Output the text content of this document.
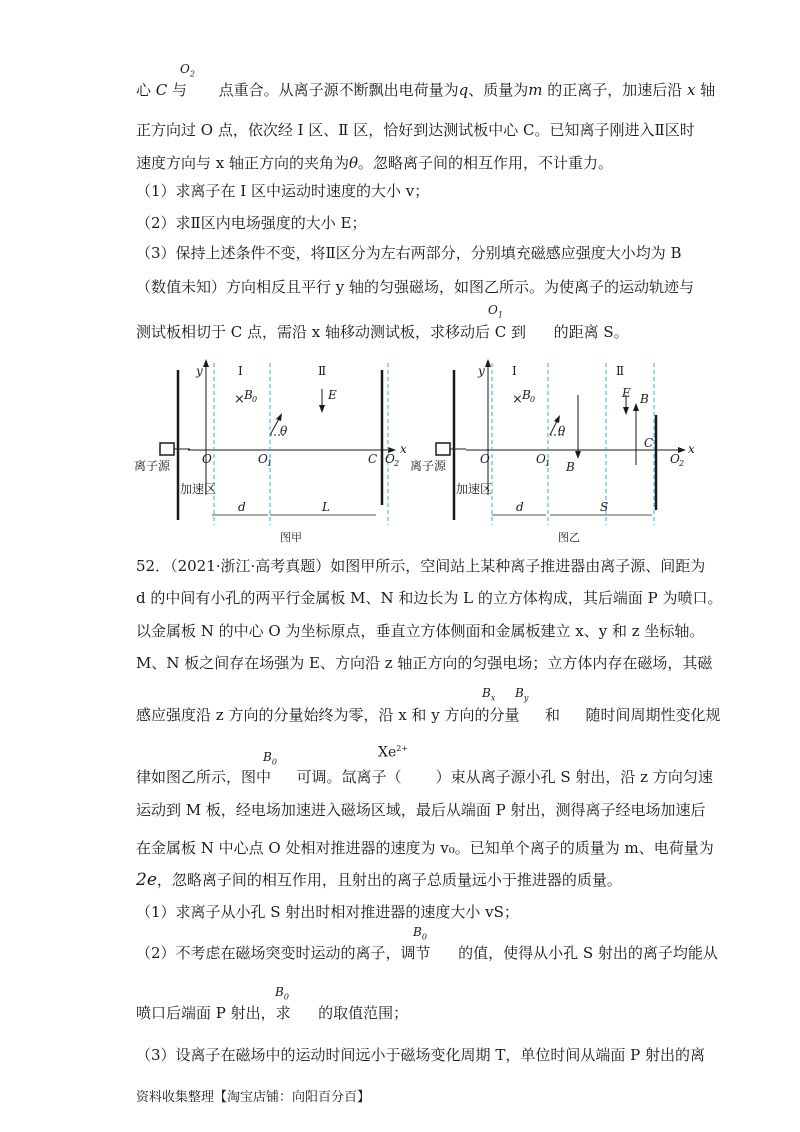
心 C 与  点重合。从离子源不断飘出电荷量为q、质量为m 的正离子，加速后沿 x 轴
$O_2$
正方向过 O 点，依次经 Ⅰ 区、Ⅱ 区，恰好到达测试板中心 C。已知离子刚进入Ⅱ区时
速度方向与 x 轴正方向的夹角为θ。忽略离子间的相互作用，不计重力。
（1）求离子在 Ⅰ 区中运动时速度的大小 v；
（2）求Ⅱ区内电场强度的大小 E；
（3）保持上述条件不变，将Ⅱ区分为左右两部分，分别填充磁感应强度大小均为 B
（数值未知）方向相反且平行 y 轴的匀强磁场，如图乙所示。为使离子的运动轨迹与
测试板相切于 C 点，需沿 x 轴移动测试板，求移动后 C 到  的距离 S。
$O_1$
y
x
Ⅰ	Ⅱ
× B 0	E
θ
O	O 1	C O 2
离子源
加速区
d	L
图甲
y
x
Ⅰ	Ⅱ
× B 0	E B
B
θ
O	O 1
C
O 2
离子源
加速区
d	S
图乙
52．（2021·浙江·高考真题）如图甲所示，空间站上某种离子推进器由离子源、间距为
d 的中间有小孔的两平行金属板 M、N 和边长为 L 的立方体构成，其后端面 P 为喷口。
以金属板 N 的中心 O 为坐标原点，垂直立方体侧面和金属板建立 x、y 和 z 坐标轴。
M、N 板之间存在场强为 E、方向沿 z 轴正方向的匀强电场；立方体内存在磁场，其磁
感应强度沿 z 方向的分量始终为零，沿 x 和 y 方向的分量  和  随时间周期性变化规
$B_x$ $B_y$
律如图乙所示，图中  可调。氙离子（ ）束从离子源小孔 S 射出，沿 z 方向匀速
$B_0$
$Xe^{2+}$
运动到 M 板，经电场加速进入磁场区域，最后从端面 P 射出，测得离子经电场加速后
在金属板 N 中心点 O 处相对推进器的速度为 v₀。已知单个离子的质量为 m、电荷量为
2e，忽略离子间的相互作用，且射出的离子总质量远小于推进器的质量。
（1）求离子从小孔 S 射出时相对推进器的速度大小 vS；
（2）不考虑在磁场突变时运动的离子，调节  的值，使得从小孔 S 射出的离子均能从
$B_0$
喷口后端面 P 射出，求  的取值范围；
$B_0$
（3）设离子在磁场中的运动时间远小于磁场变化周期 T，单位时间从端面 P 射出的离
资料收集整理【淘宝店铺：向阳百分百】
